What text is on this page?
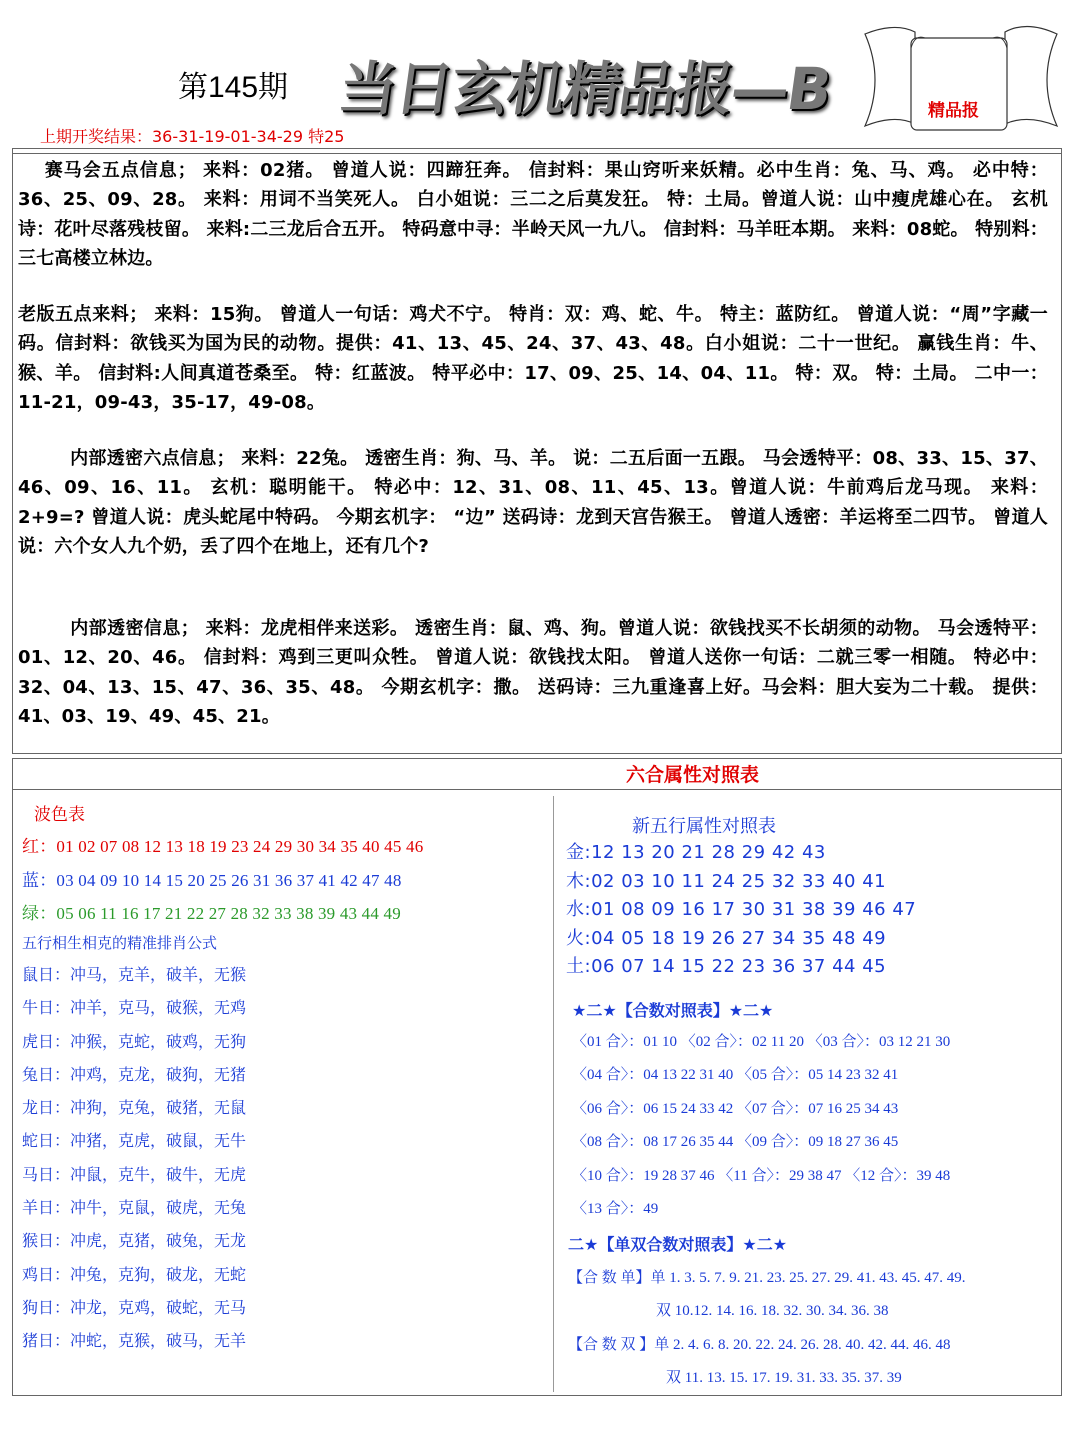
第145期 当日玄机精品报—B
上期开奖结果：36-31-19-01-34-29 特25
精品报
赛马会五点信息； 来料：02猪。 曾道人说：四蹄狂奔。 信封料：果山窍听来妖精。必中生肖：兔、马、鸡。 必中特：36、25、09、28。 来料：用词不当笑死人。 白小姐说：三二之后莫发狂。 特：土局。曾道人说：山中瘦虎雄心在。 玄机诗：花叶尽落残枝留。 来料:二三龙后合五开。 特码意中寻：半岭天风一九八。 信封料：马羊旺本期。 来料：08蛇。 特别料：三七高楼立林边。
老版五点来料； 来料：15狗。 曾道人一句话：鸡犬不宁。 特肖：双：鸡、蛇、牛。 特主：蓝防红。 曾道人说：“周”字藏一码。信封料：欲钱买为国为民的动物。提供：41、13、45、24、37、43、48。白小姐说：二十一世纪。 赢钱生肖：牛、猴、羊。 信封料:人间真道苍桑至。 特：红蓝波。 特平必中：17、09、25、14、04、11。 特：双。 特：土局。 二中一：11-21，09-43，35-17，49-08。
内部透密六点信息； 来料：22兔。 透密生肖：狗、马、羊。 说：二五后面一五跟。 马会透特平：08、33、15、37、46、09、16、11。 玄机：聪明能干。 特必中：12、31、08、11、45、13。曾道人说：牛前鸡后龙马现。 来料：2+9=? 曾道人说：虎头蛇尾中特码。 今期玄机字： “边” 送码诗：龙到天宫告猴王。 曾道人透密：羊运将至二四节。 曾道人说：六个女人九个奶，丢了四个在地上，还有几个?
内部透密信息； 来料：龙虎相伴来送彩。 透密生肖：鼠、鸡、狗。曾道人说：欲钱找买不长胡须的动物。 马会透特平：01、12、20、46。 信封料：鸡到三更叫众牲。 曾道人说：欲钱找太阳。 曾道人送你一句话：二就三零一相随。 特必中：32、04、13、15、47、36、35、48。 今期玄机字：撒。 送码诗：三九重逢喜上好。马会料：胆大妄为二十载。 提供：41、03、19、49、45、21。
六合属性对照表
波色表
红：01 02 07 08 12 13 18 19 23 24 29 30 34 35 40 45 46
蓝：03 04 09 10 14 15 20 25 26 31 36 37 41 42 47 48
绿：05 06 11 16 17 21 22 27 28 32 33 38 39 43 44 49
五行相生相克的精准排肖公式
鼠日：冲马，克羊，破羊，无猴
牛日：冲羊，克马，破猴，无鸡
虎日：冲猴，克蛇，破鸡，无狗
兔日：冲鸡，克龙，破狗，无猪
龙日：冲狗，克兔，破猪，无鼠
蛇日：冲猪，克虎，破鼠，无牛
马日：冲鼠，克牛，破牛，无虎
羊日：冲牛，克鼠，破虎，无兔
猴日：冲虎，克猪，破兔，无龙
鸡日：冲兔，克狗，破龙，无蛇
狗日：冲龙，克鸡，破蛇，无马
猪日：冲蛇，克猴，破马，无羊
新五行属性对照表
金:12 13 20 21 28 29 42 43
木:02 03 10 11 24 25 32 33 40 41
水:01 08 09 16 17 30 31 38 39 46 47
火:04 05 18 19 26 27 34 35 48 49
土:06 07 14 15 22 23 36 37 44 45
★二★【合数对照表】★二★
〈01 合〉：01 10 〈02 合〉：02 11 20 〈03 合〉：03 12 21 30
〈04 合〉：04 13 22 31 40 〈05 合〉：05 14 23 32 41
〈06 合〉：06 15 24 33 42 〈07 合〉：07 16 25 34 43
〈08 合〉：08 17 26 35 44 〈09 合〉：09 18 27 36 45
〈10 合〉：19 28 37 46 〈11 合〉：29 38 47 〈12 合〉：39 48
〈13 合〉：49
二★【单双合数对照表】★二★
【合 数 单】单 1. 3. 5. 7. 9. 21. 23. 25. 27. 29. 41. 43. 45. 47. 49.
双 10.12. 14. 16. 18. 32. 30. 34. 36. 38
【合 数 双 】单 2. 4. 6. 8. 20. 22. 24. 26. 28. 40. 42. 44. 46. 48
双 11. 13. 15. 17. 19. 31. 33. 35. 37. 39
